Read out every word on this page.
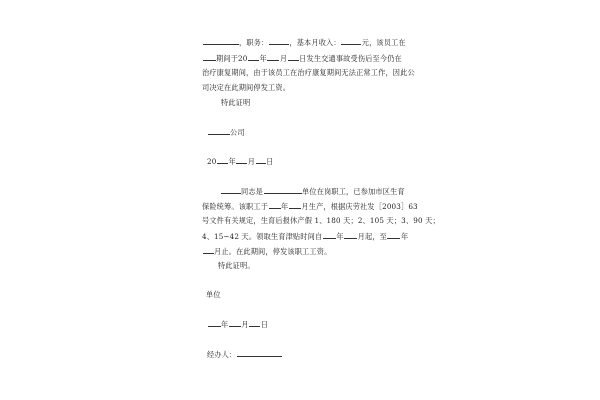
，职务：	，基本月收入：	元，该员工在
期间于20 年 月 日发生交通事故受伤后至今仍在
治疗康复期间，由于该员工在治疗康复期间无法正常工作，因此公
司决定在此期间停发工资。
特此证明
公司
20 年 月 日
同志是	单位在岗职工，已参加市区生育
保险统筹。该职工于 年 月生产，根据庆劳社发［2003］63
号文件有关规定，生育后报休产假 1、180 天；2、105 天；3、90 天；
4、15∽42 天。领取生育津贴时间自 年 月起，至 年
月止。在此期间，停发该职工工资。
特此证明。
单位
年 月 日
经办人：
